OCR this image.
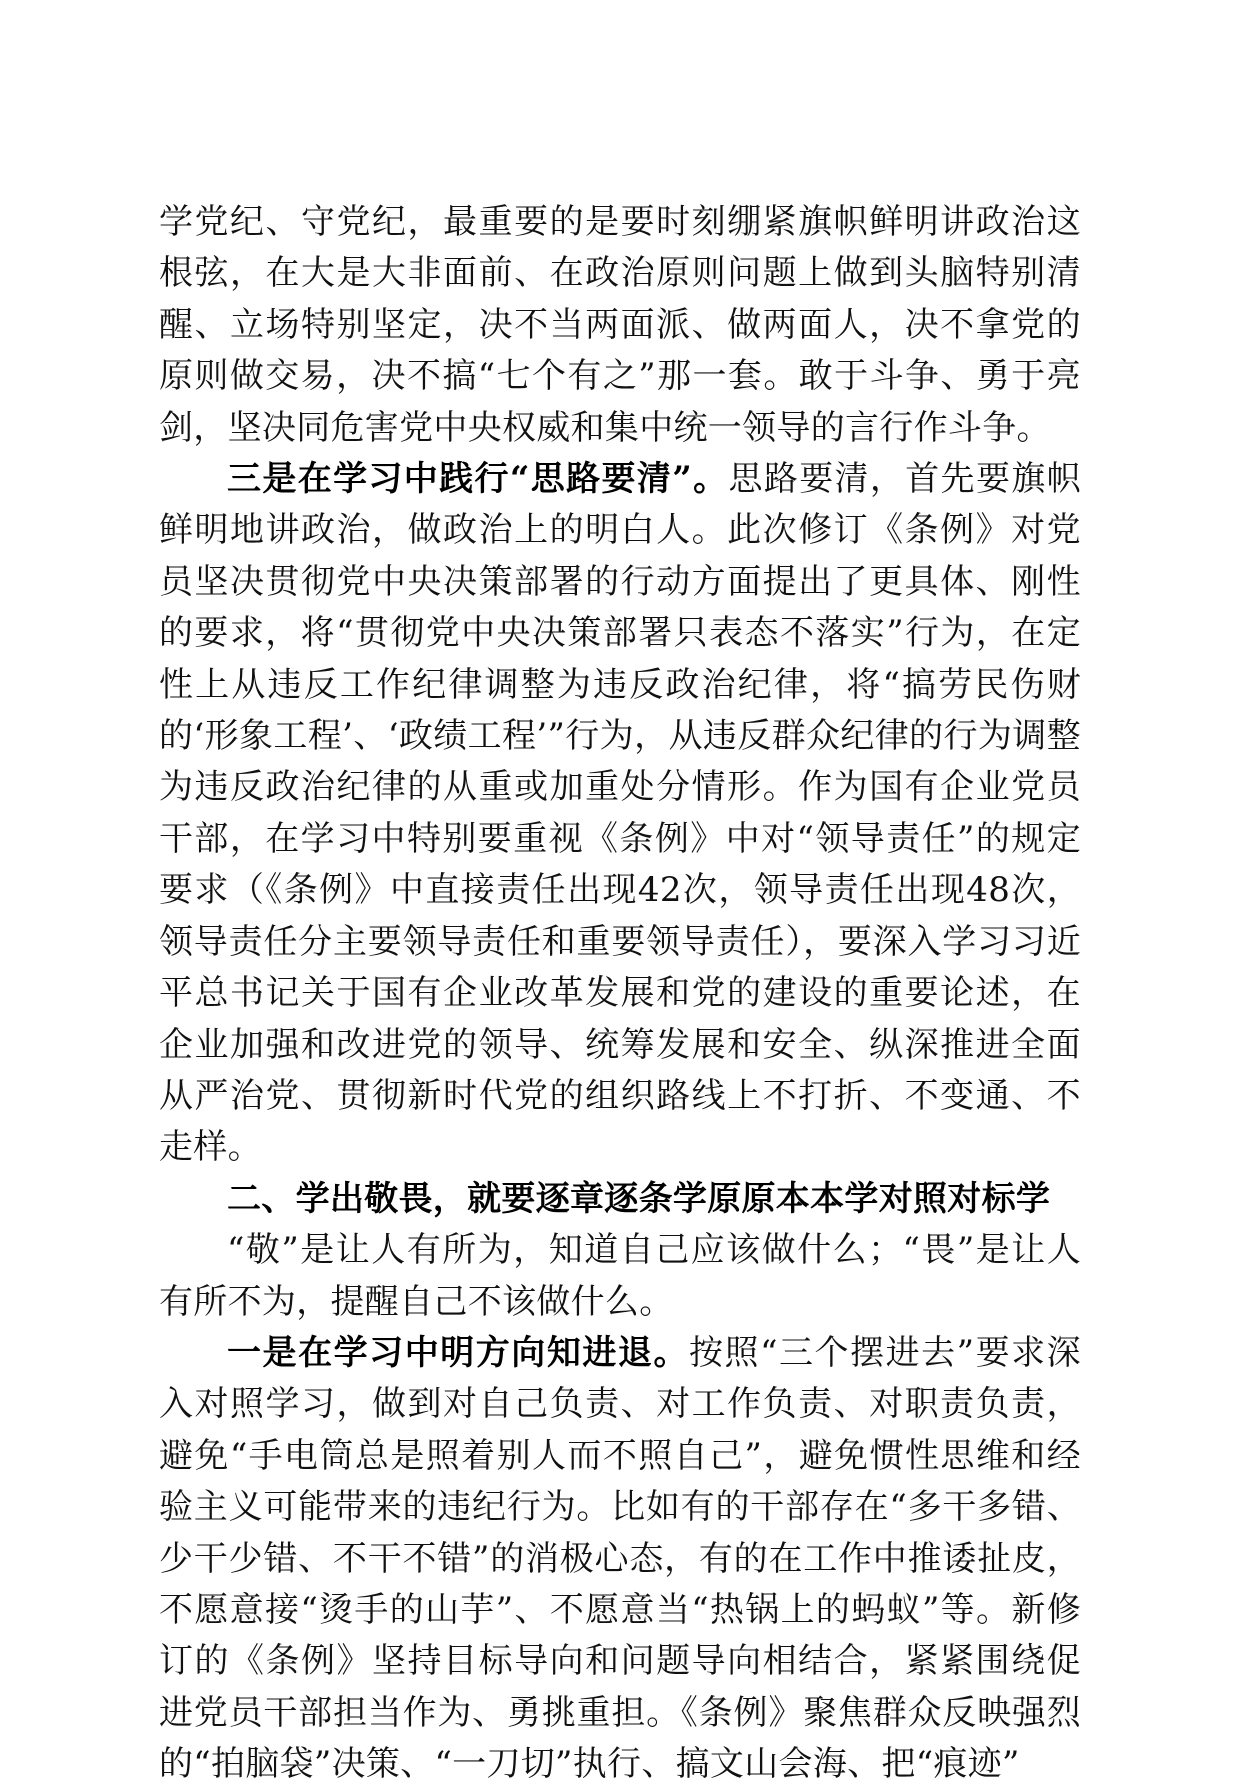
学党纪、守党纪，最重要的是要时刻绷紧旗帜鲜明讲政治这根弦，在大是大非面前、在政治原则问题上做到头脑特别清醒、立场特别坚定，决不当两面派、做两面人，决不拿党的原则做交易，决不搞“七个有之”那一套。敢于斗争、勇于亮剑，坚决同危害党中央权威和集中统一领导的言行作斗争。

三是在学习中践行“思路要清”。思路要清，首先要旗帜鲜明地讲政治，做政治上的明白人。此次修订《条例》对党员坚决贯彻党中央决策部署的行动方面提出了更具体、刚性的要求，将“贯彻党中央决策部署只表态不落实”行为，在定性上从违反工作纪律调整为违反政治纪律，将“搞劳民伤财的‘形象工程’、‘政绩工程’”行为，从违反群众纪律的行为调整为违反政治纪律的从重或加重处分情形。作为国有企业党员干部，在学习中特别要重视《条例》中对“领导责任”的规定要求（《条例》中直接责任出现42次，领导责任出现48次，领导责任分主要领导责任和重要领导责任），要深入学习习近平总书记关于国有企业改革发展和党的建设的重要论述，在企业加强和改进党的领导、统筹发展和安全、纵深推进全面从严治党、贯彻新时代党的组织路线上不打折、不变通、不走样。

二、学出敬畏，就要逐章逐条学原原本本学对照对标学

“敬”是让人有所为，知道自己应该做什么；“畏”是让人有所不为，提醒自己不该做什么。

一是在学习中明方向知进退。按照“三个摆进去”要求深入对照学习，做到对自己负责、对工作负责、对职责负责，避免“手电筒总是照着别人而不照自己”，避免惯性思维和经验主义可能带来的违纪行为。比如有的干部存在“多干多错、少干少错、不干不错”的消极心态，有的在工作中推诿扯皮，不愿意接“烫手的山芋”、不愿意当“热锅上的蚂蚁”等。新修订的《条例》坚持目标导向和问题导向相结合，紧紧围绕促进党员干部担当作为、勇挑重担。《条例》聚焦群众反映强烈的“拍脑袋”决策、“一刀切”执行、搞文山会海、把“痕迹”
